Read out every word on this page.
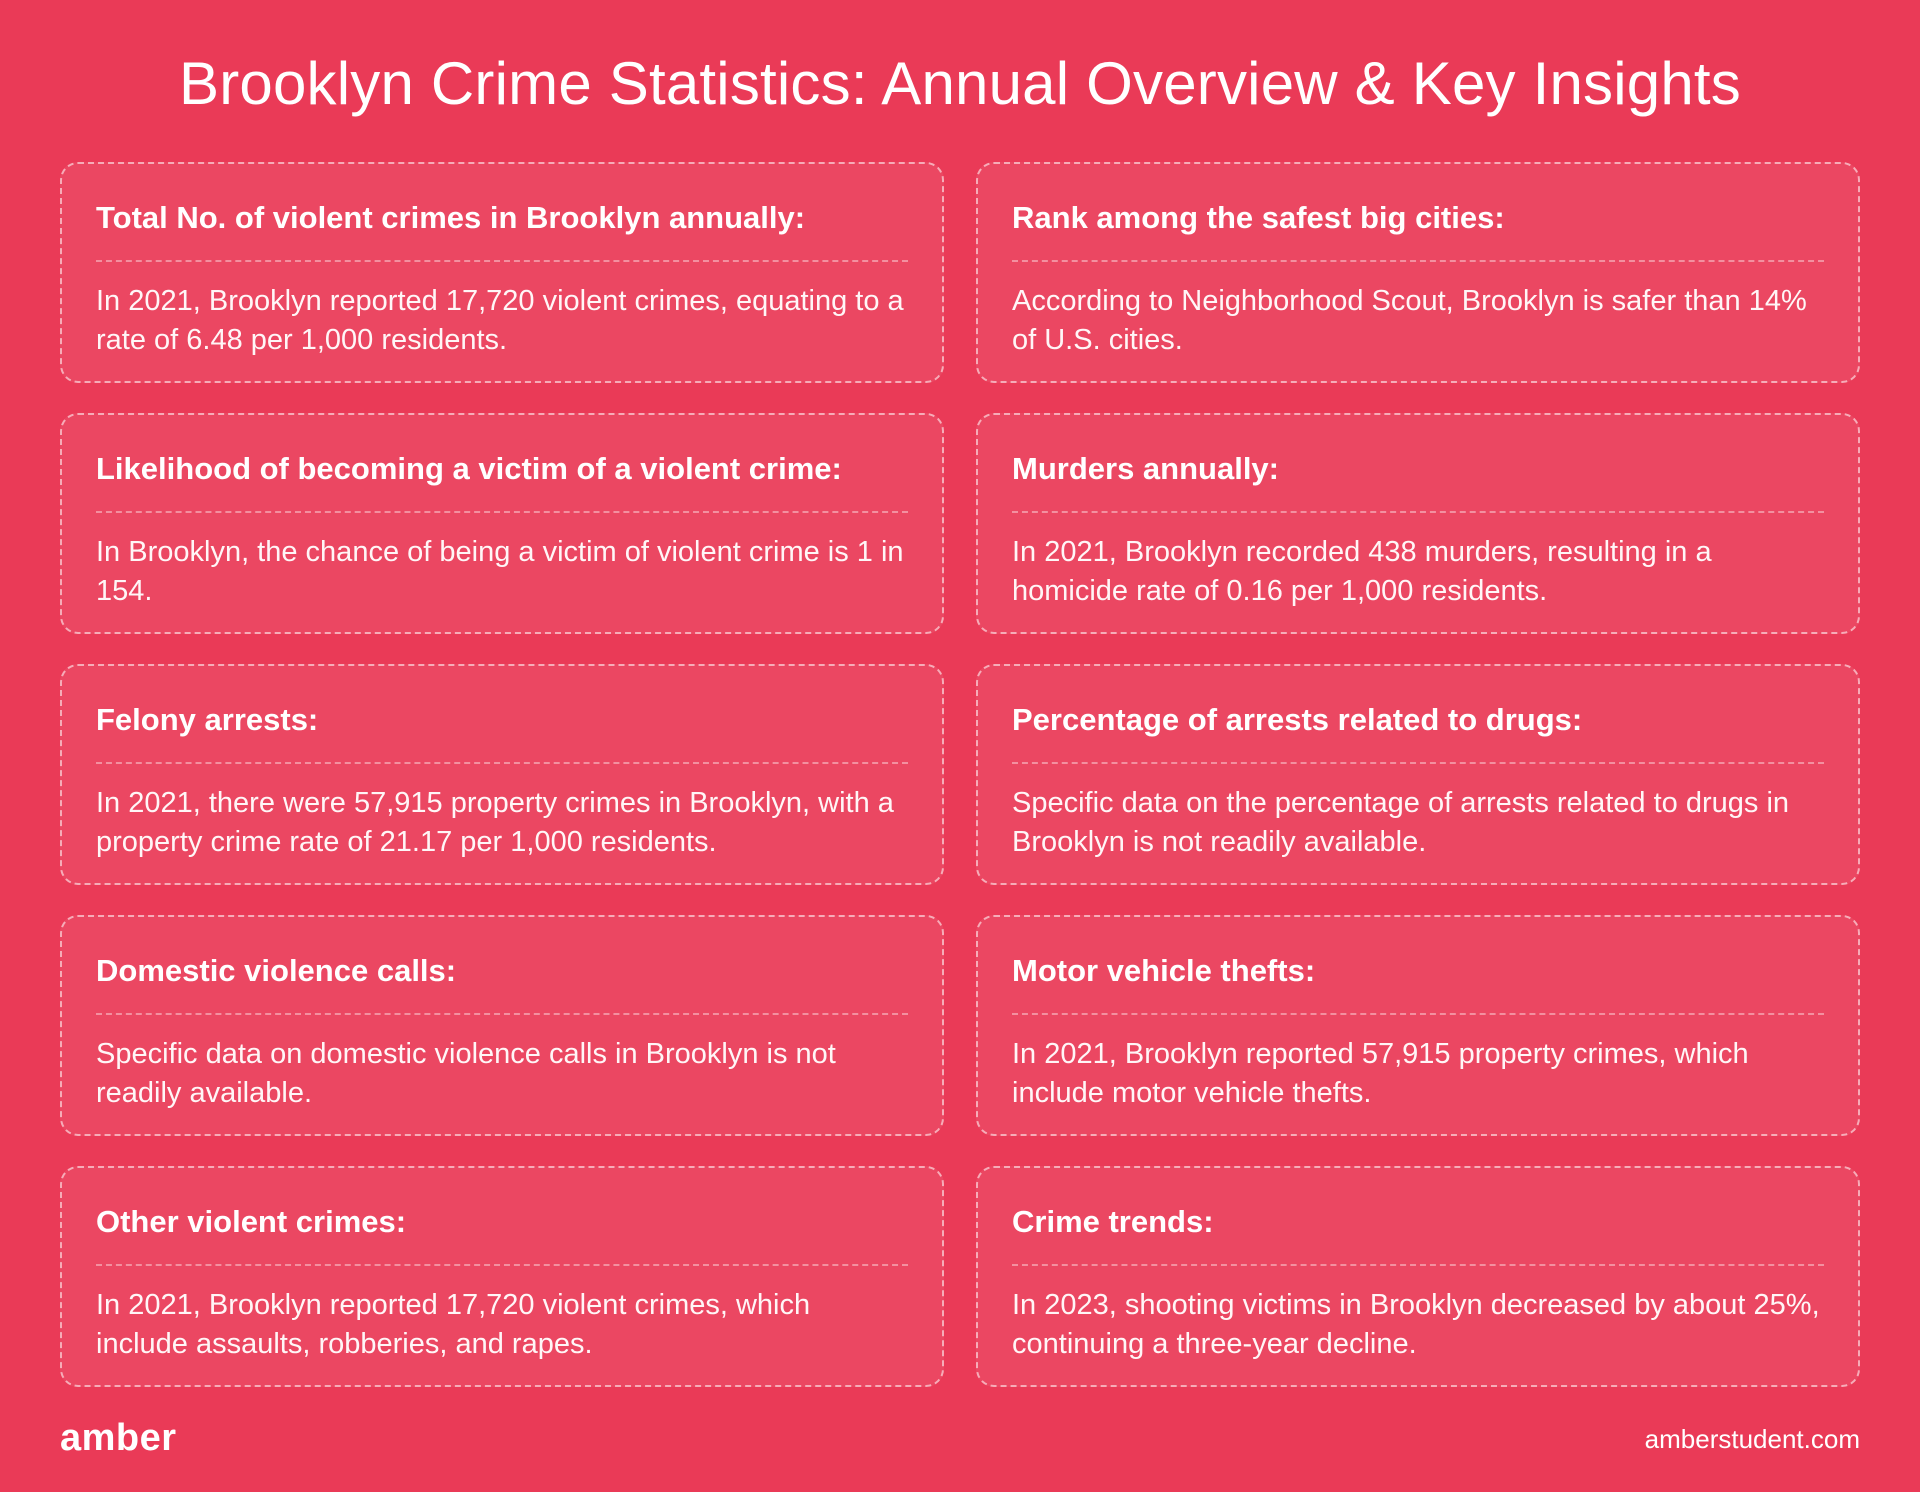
Brooklyn Crime Statistics: Annual Overview & Key Insights

Total No. of violent crimes in Brooklyn annually:

In 2021, Brooklyn reported 17,720 violent crimes, equating to a rate of 6.48 per 1,000 residents.

Rank among the safest big cities:

According to Neighborhood Scout, Brooklyn is safer than 14% of U.S. cities.

Likelihood of becoming a victim of a violent crime:

In Brooklyn, the chance of being a victim of violent crime is 1 in 154.

Murders annually:

In 2021, Brooklyn recorded 438 murders, resulting in a homicide rate of 0.16 per 1,000 residents.

Felony arrests:

In 2021, there were 57,915 property crimes in Brooklyn, with a property crime rate of 21.17 per 1,000 residents.

Percentage of arrests related to drugs:

Specific data on the percentage of arrests related to drugs in Brooklyn is not readily available.

Domestic violence calls:

Specific data on domestic violence calls in Brooklyn is not readily available.

Motor vehicle thefts:

In 2021, Brooklyn reported 57,915 property crimes, which include motor vehicle thefts.

Other violent crimes:

In 2021, Brooklyn reported 17,720 violent crimes, which include assaults, robberies, and rapes.

Crime trends:

In 2023, shooting victims in Brooklyn decreased by about 25%, continuing a three-year decline.

amber	amberstudent.com
